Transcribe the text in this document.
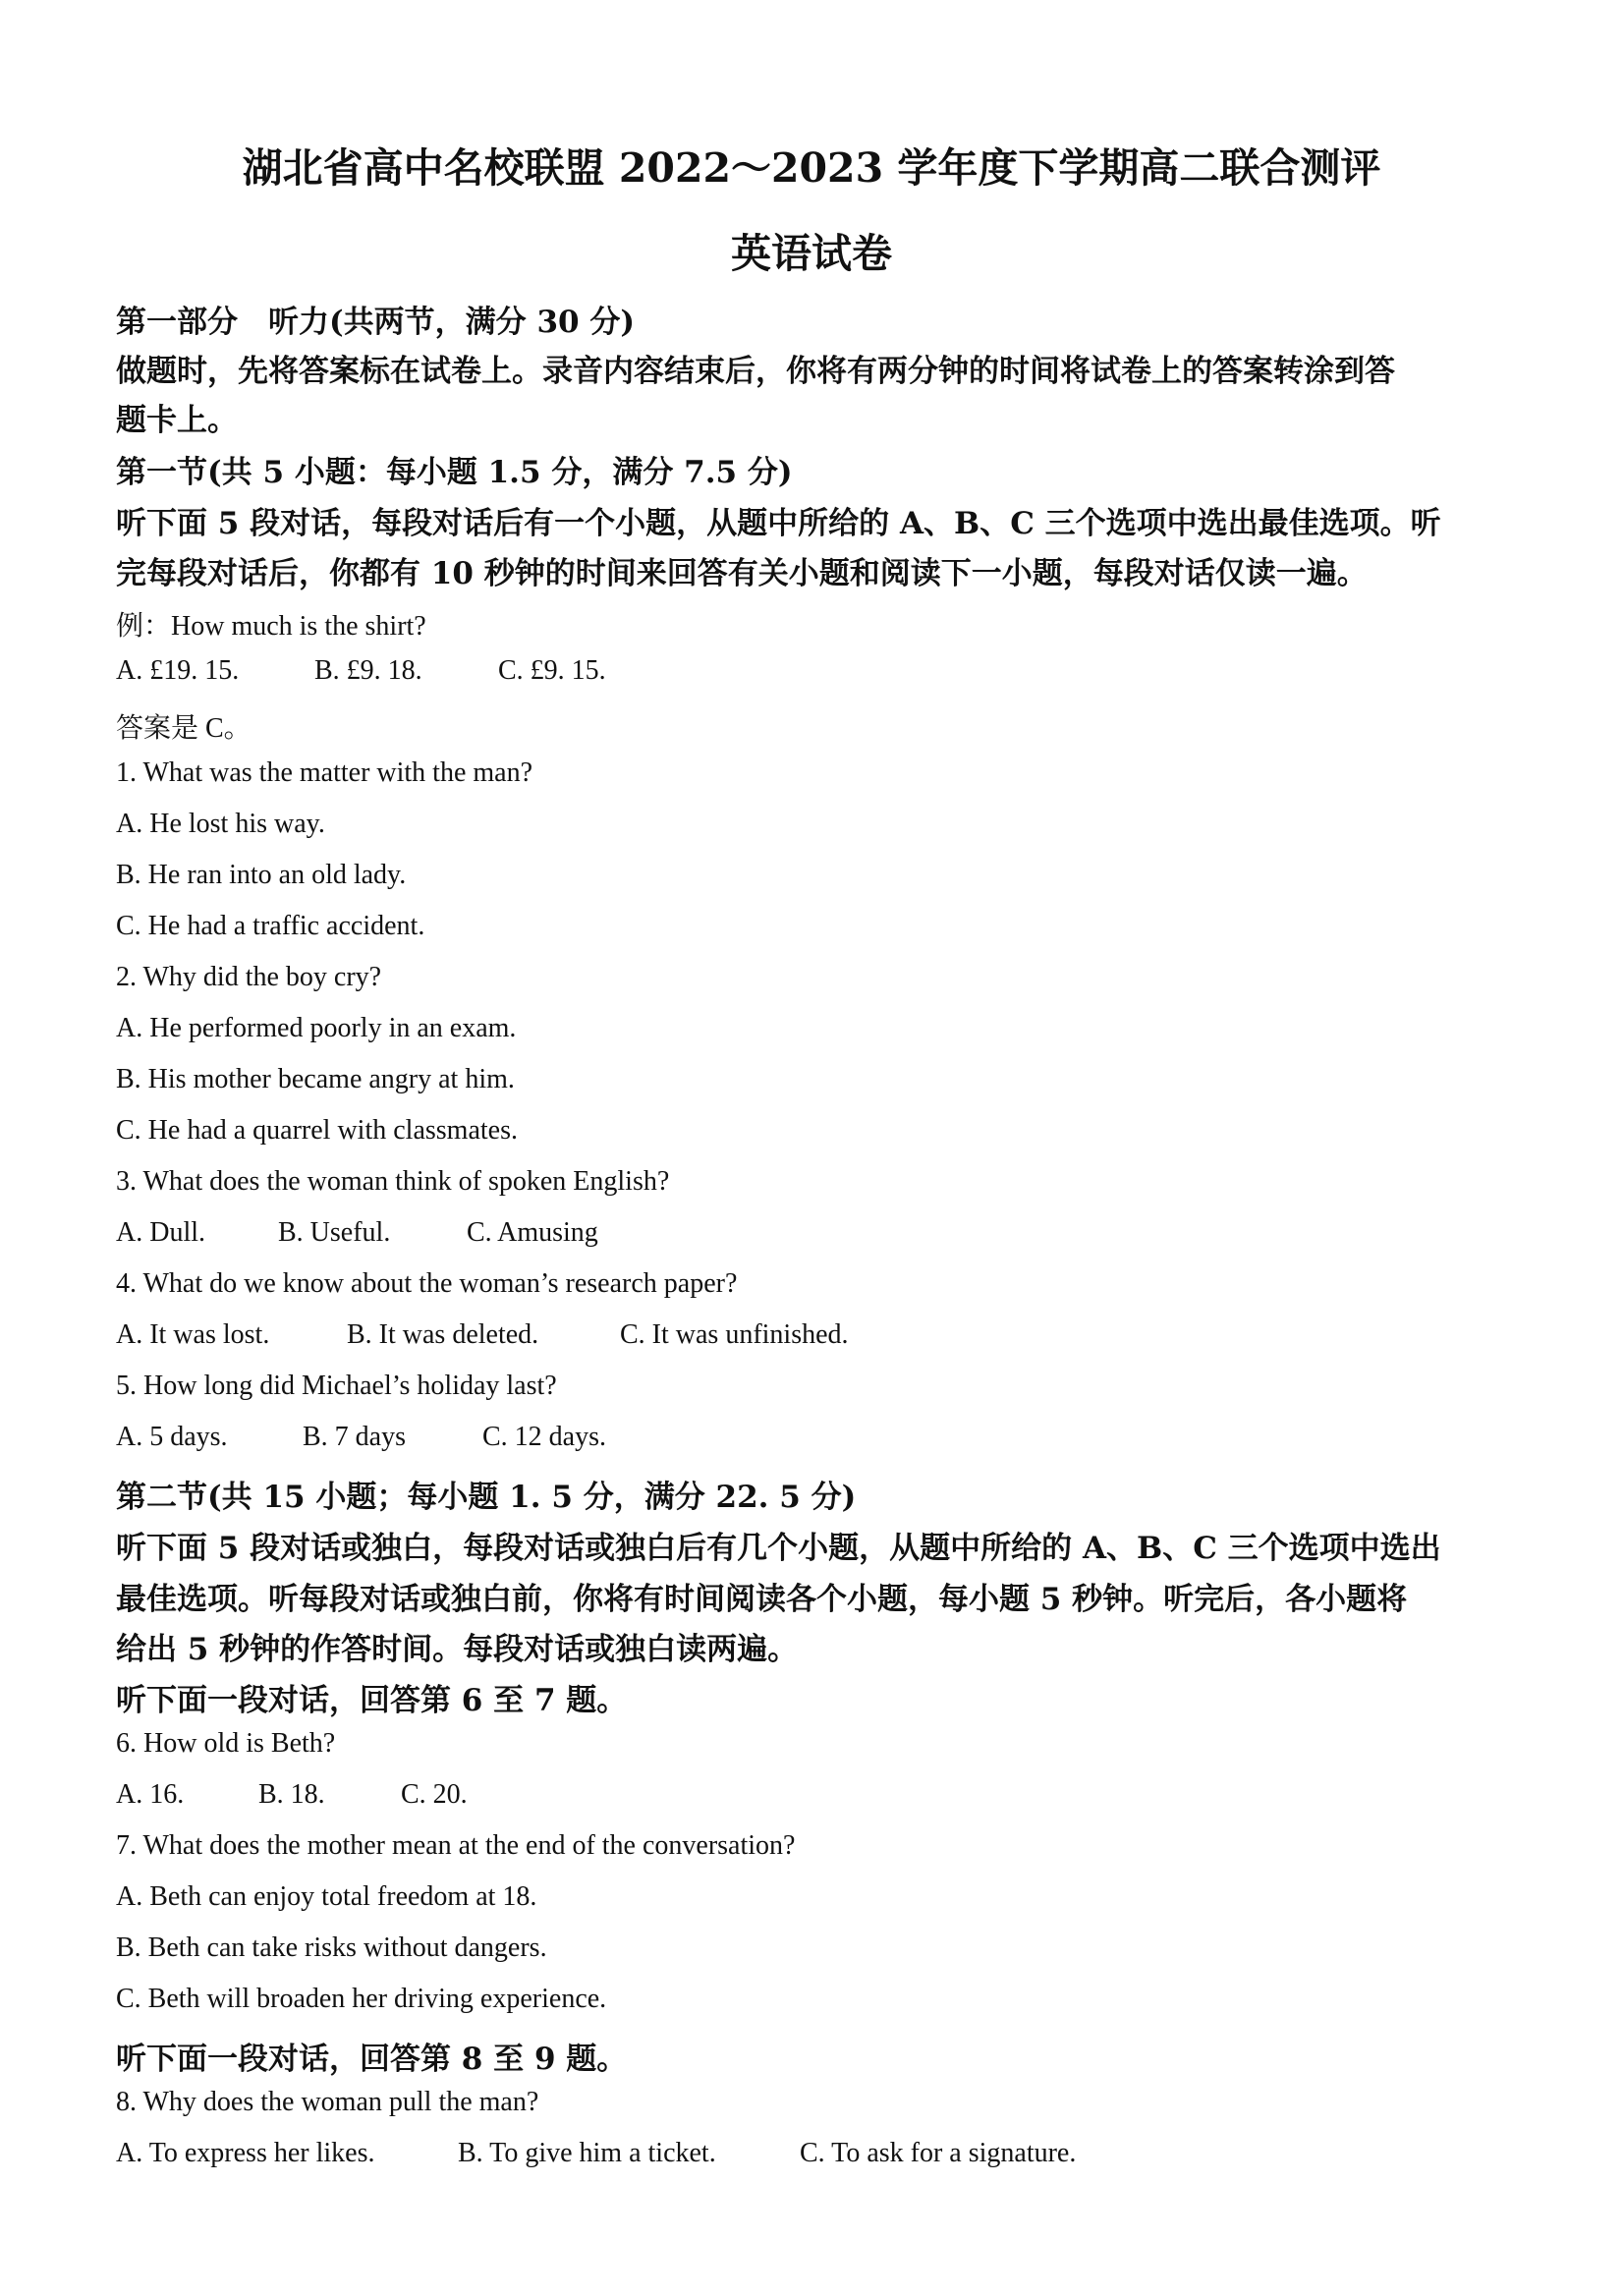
湖北省高中名校联盟 2022～2023 学年度下学期高二联合测评
英语试卷
第一部分　听力(共两节，满分 30 分)
做题时，先将答案标在试卷上。录音内容结束后，你将有两分钟的时间将试卷上的答案转涂到答
题卡上。
第一节(共 5 小题：每小题 1.5 分，满分 7.5 分)
听下面 5 段对话，每段对话后有一个小题，从题中所给的 A、B、C 三个选项中选出最佳选项。听
完每段对话后，你都有 10 秒钟的时间来回答有关小题和阅读下一小题，每段对话仅读一遍。
例：How much is the shirt?
A. £19. 15.	B. £9. 18.	C. £9. 15.
答案是 C。
1. What was the matter with the man?
A. He lost his way.
B. He ran into an old lady.
C. He had a traffic accident.
2. Why did the boy cry?
A. He performed poorly in an exam.
B. His mother became angry at him.
C. He had a quarrel with classmates.
3. What does the woman think of spoken English?
A. Dull.	B. Useful.	C. Amusing
4. What do we know about the woman’s research paper?
A. It was lost.	B. It was deleted.	C. It was unfinished.
5. How long did Michael’s holiday last?
A. 5 days.	B. 7 days	C. 12 days.
第二节(共 15 小题；每小题 1. 5 分，满分 22. 5 分)
听下面 5 段对话或独白，每段对话或独白后有几个小题，从题中所给的 A、B、C 三个选项中选出
最佳选项。听每段对话或独白前，你将有时间阅读各个小题，每小题 5 秒钟。听完后，各小题将
给出 5 秒钟的作答时间。每段对话或独白读两遍。
听下面一段对话，回答第 6 至 7 题。
6. How old is Beth?
A. 16.	B. 18.	C. 20.
7. What does the mother mean at the end of the conversation?
A. Beth can enjoy total freedom at 18.
B. Beth can take risks without dangers.
C. Beth will broaden her driving experience.
听下面一段对话，回答第 8 至 9 题。
8. Why does the woman pull the man?
A. To express her likes.	B. To give him a ticket.	C. To ask for a signature.
